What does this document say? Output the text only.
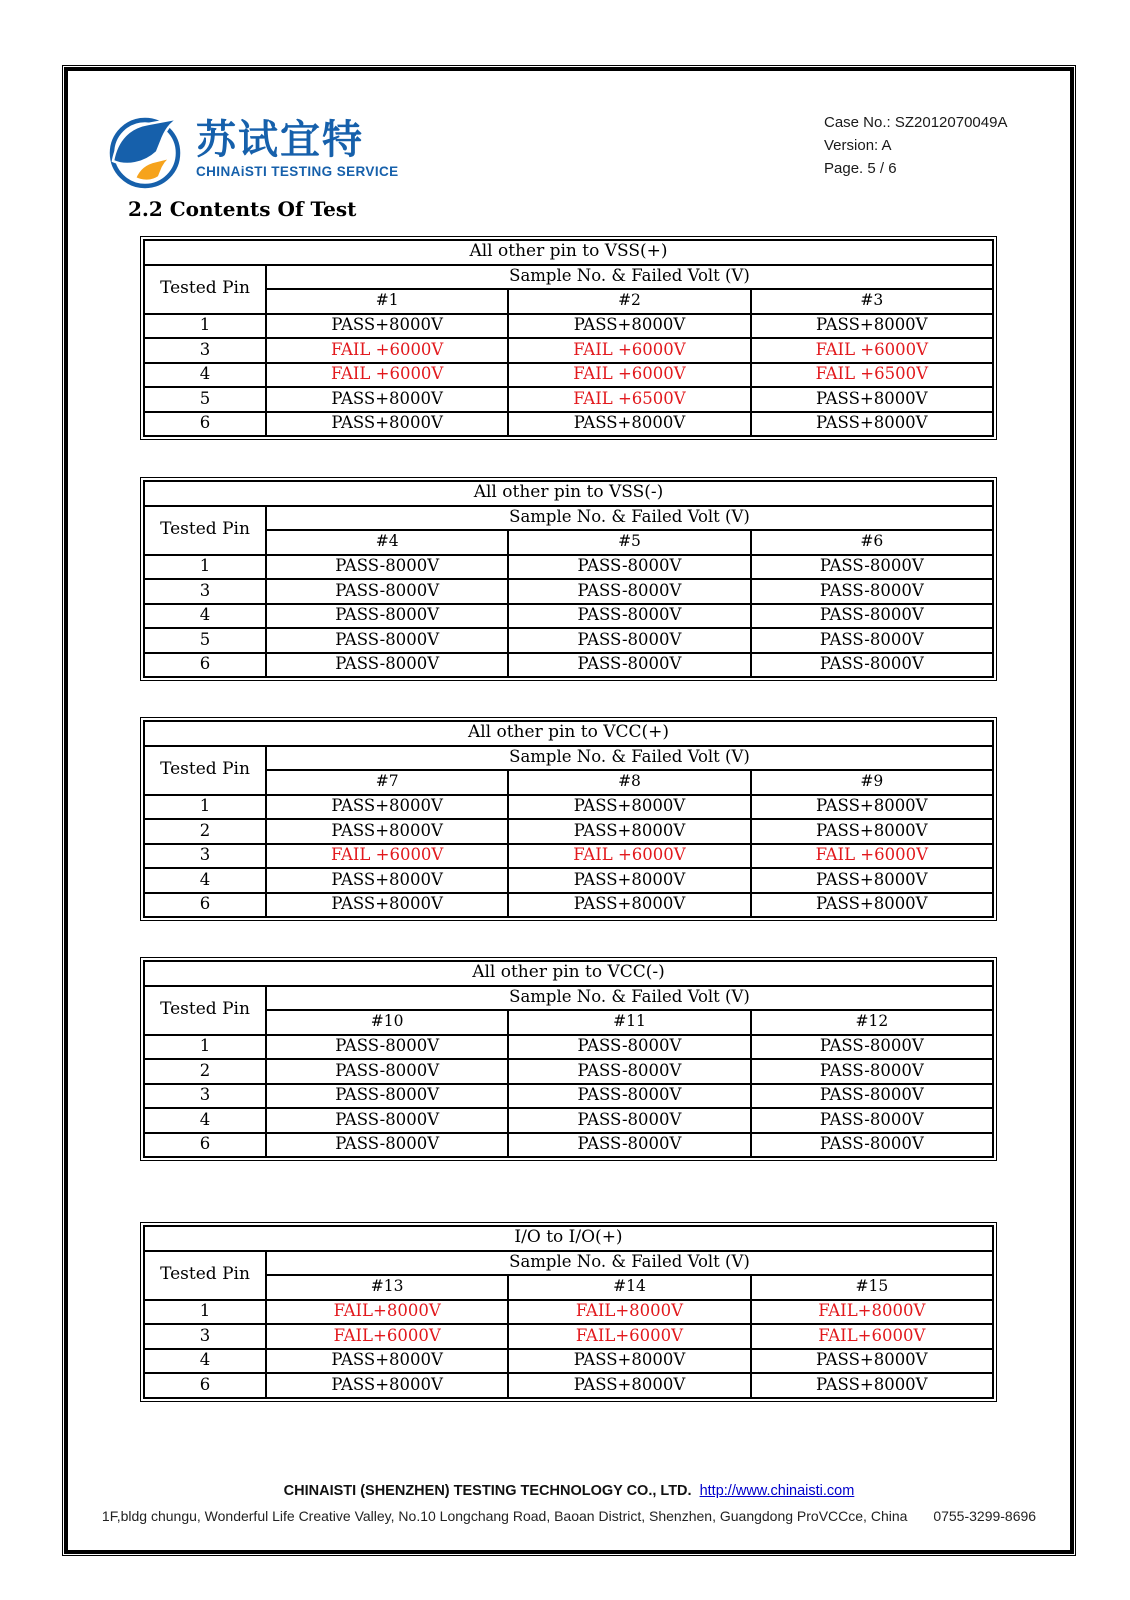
苏试宜特
CHINAiSTI TESTING SERVICE
Case No.: SZ2012070049A
Version: A
Page. 5 / 6
2.2 Contents Of Test
All other pin to VSS(+)			
Tested Pin	Sample No. & Failed Volt (V)		
	#1	#2	#3
1	PASS+8000V	PASS+8000V	PASS+8000V
3	FAIL +6000V	FAIL +6000V	FAIL +6000V
4	FAIL +6000V	FAIL +6000V	FAIL +6500V
5	PASS+8000V	FAIL +6500V	PASS+8000V
6	PASS+8000V	PASS+8000V	PASS+8000V
All other pin to VSS(-)			
Tested Pin	Sample No. & Failed Volt (V)		
	#4	#5	#6
1	PASS-8000V	PASS-8000V	PASS-8000V
3	PASS-8000V	PASS-8000V	PASS-8000V
4	PASS-8000V	PASS-8000V	PASS-8000V
5	PASS-8000V	PASS-8000V	PASS-8000V
6	PASS-8000V	PASS-8000V	PASS-8000V
All other pin to VCC(+)			
Tested Pin	Sample No. & Failed Volt (V)		
	#7	#8	#9
1	PASS+8000V	PASS+8000V	PASS+8000V
2	PASS+8000V	PASS+8000V	PASS+8000V
3	FAIL +6000V	FAIL +6000V	FAIL +6000V
4	PASS+8000V	PASS+8000V	PASS+8000V
6	PASS+8000V	PASS+8000V	PASS+8000V
All other pin to VCC(-)			
Tested Pin	Sample No. & Failed Volt (V)		
	#10	#11	#12
1	PASS-8000V	PASS-8000V	PASS-8000V
2	PASS-8000V	PASS-8000V	PASS-8000V
3	PASS-8000V	PASS-8000V	PASS-8000V
4	PASS-8000V	PASS-8000V	PASS-8000V
6	PASS-8000V	PASS-8000V	PASS-8000V
I/O to I/O(+)			
Tested Pin	Sample No. & Failed Volt (V)		
	#13	#14	#15
1	FAIL+8000V	FAIL+8000V	FAIL+8000V
3	FAIL+6000V	FAIL+6000V	FAIL+6000V
4	PASS+8000V	PASS+8000V	PASS+8000V
6	PASS+8000V	PASS+8000V	PASS+8000V
CHINAISTI (SHENZHEN) TESTING TECHNOLOGY CO., LTD. http://www.chinaisti.com
1F,bldg chungu, Wonderful Life Creative Valley, No.10 Longchang Road, Baoan District, Shenzhen, Guangdong ProVCCce, China 0755-3299-8696
